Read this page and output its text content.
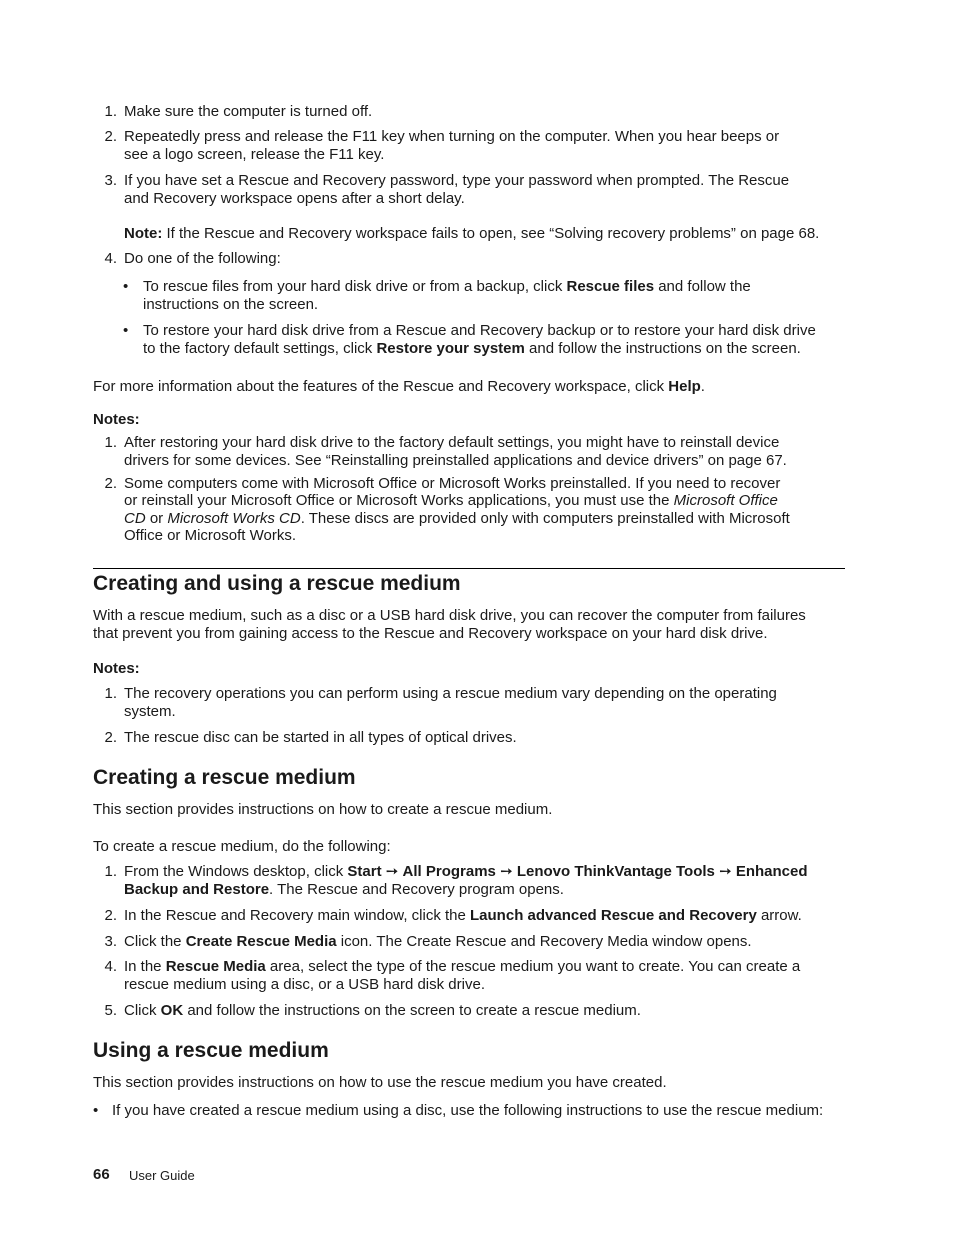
1. Make sure the computer is turned off.
2. Repeatedly press and release the F11 key when turning on the computer. When you hear beeps or
see a logo screen, release the F11 key.
3. If you have set a Rescue and Recovery password, type your password when prompted. The Rescue
and Recovery workspace opens after a short delay.
Note: If the Rescue and Recovery workspace fails to open, see “Solving recovery problems” on page 68.
4. Do one of the following:
• To rescue files from your hard disk drive or from a backup, click Rescue files and follow the
instructions on the screen.
• To restore your hard disk drive from a Rescue and Recovery backup or to restore your hard disk drive
to the factory default settings, click Restore your system and follow the instructions on the screen.
For more information about the features of the Rescue and Recovery workspace, click Help.
Notes:
1. After restoring your hard disk drive to the factory default settings, you might have to reinstall device
drivers for some devices. See “Reinstalling preinstalled applications and device drivers” on page 67.
2. Some computers come with Microsoft Office or Microsoft Works preinstalled. If you need to recover
or reinstall your Microsoft Office or Microsoft Works applications, you must use the Microsoft Office
CD or Microsoft Works CD. These discs are provided only with computers preinstalled with Microsoft
Office or Microsoft Works.
Creating and using a rescue medium
With a rescue medium, such as a disc or a USB hard disk drive, you can recover the computer from failures
that prevent you from gaining access to the Rescue and Recovery workspace on your hard disk drive.
Notes:
1. The recovery operations you can perform using a rescue medium vary depending on the operating
system.
2. The rescue disc can be started in all types of optical drives.
Creating a rescue medium
This section provides instructions on how to create a rescue medium.
To create a rescue medium, do the following:
1. From the Windows desktop, click Start ➙ All Programs ➙ Lenovo ThinkVantage Tools ➙ Enhanced
Backup and Restore. The Rescue and Recovery program opens.
2. In the Rescue and Recovery main window, click the Launch advanced Rescue and Recovery arrow.
3. Click the Create Rescue Media icon. The Create Rescue and Recovery Media window opens.
4. In the Rescue Media area, select the type of the rescue medium you want to create. You can create a
rescue medium using a disc, or a USB hard disk drive.
5. Click OK and follow the instructions on the screen to create a rescue medium.
Using a rescue medium
This section provides instructions on how to use the rescue medium you have created.
• If you have created a rescue medium using a disc, use the following instructions to use the rescue medium:
66 User Guide
